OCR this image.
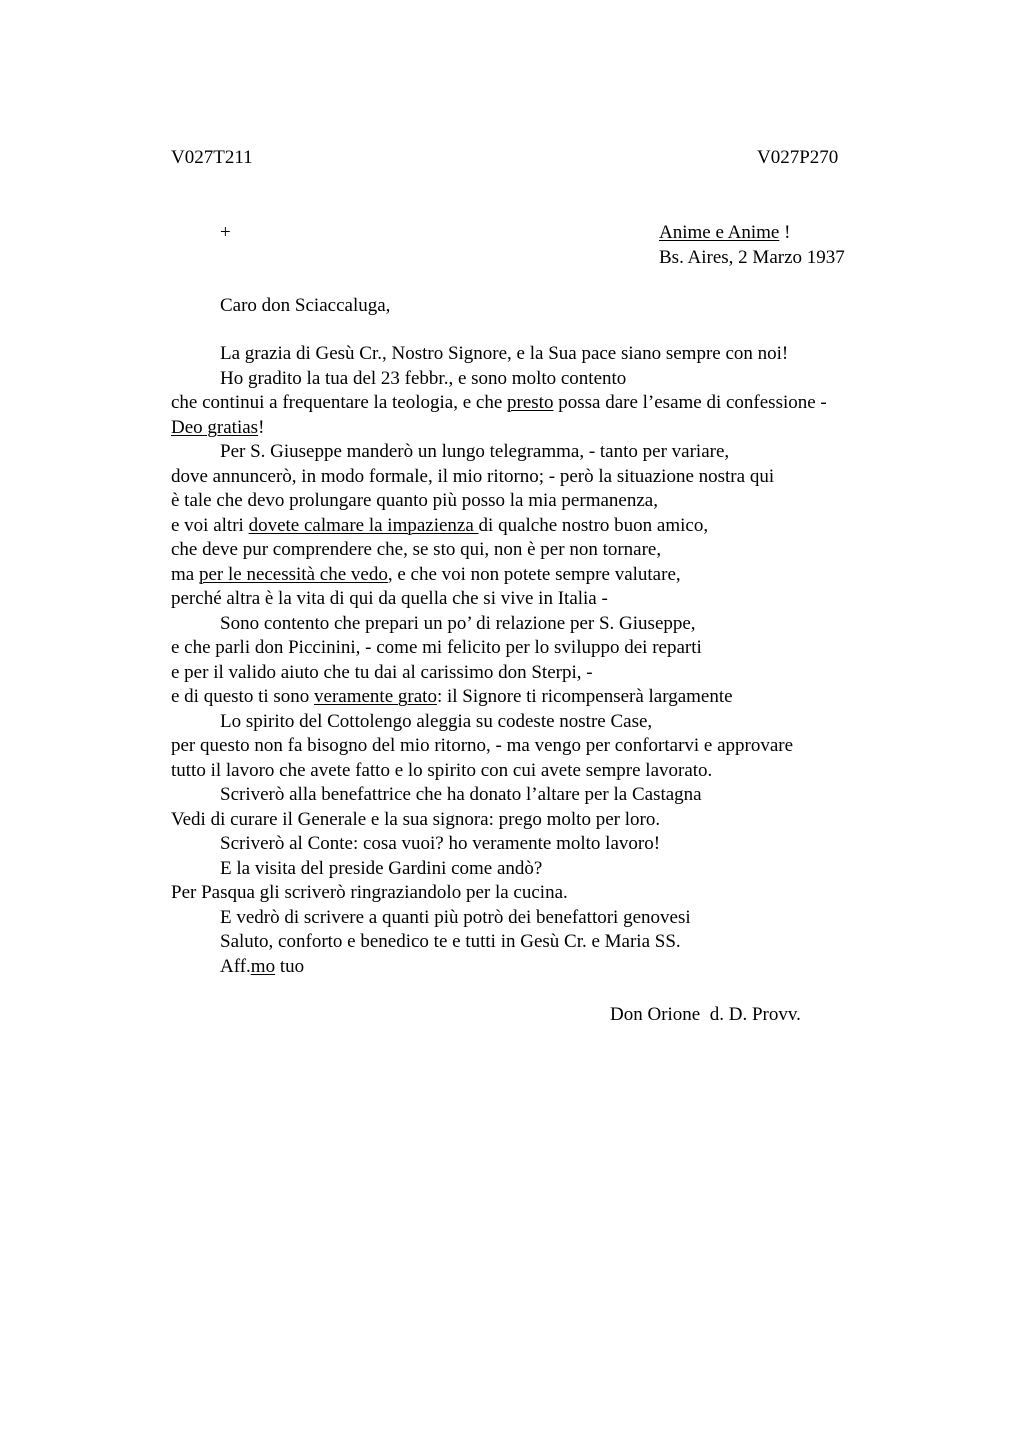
V027T211	V027P270
+	Anime e Anime !
Bs. Aires, 2 Marzo 1937
Caro don Sciaccaluga,
La grazia di Gesù Cr., Nostro Signore, e la Sua pace siano sempre con noi!
Ho gradito la tua del 23 febbr., e sono molto contento
che continui a frequentare la teologia, e che presto possa dare l’esame di confessione -
Deo gratias!
Per S. Giuseppe manderò un lungo telegramma, - tanto per variare,
dove annuncerò, in modo formale, il mio ritorno; - però la situazione nostra qui
è tale che devo prolungare quanto più posso la mia permanenza,
e voi altri dovete calmare la impazienza di qualche nostro buon amico,
che deve pur comprendere che, se sto qui, non è per non tornare,
ma per le necessità che vedo, e che voi non potete sempre valutare,
perché altra è la vita di qui da quella che si vive in Italia -
Sono contento che prepari un po’ di relazione per S. Giuseppe,
e che parli don Piccinini, - come mi felicito per lo sviluppo dei reparti
e per il valido aiuto che tu dai al carissimo don Sterpi, -
e di questo ti sono veramente grato: il Signore ti ricompenserà largamente
Lo spirito del Cottolengo aleggia su codeste nostre Case,
per questo non fa bisogno del mio ritorno, - ma vengo per confortarvi e approvare
tutto il lavoro che avete fatto e lo spirito con cui avete sempre lavorato.
Scriverò alla benefattrice che ha donato l’altare per la Castagna
Vedi di curare il Generale e la sua signora: prego molto per loro.
Scriverò al Conte: cosa vuoi? ho veramente molto lavoro!
E la visita del preside Gardini come andò?
Per Pasqua gli scriverò ringraziandolo per la cucina.
E vedrò di scrivere a quanti più potrò dei benefattori genovesi
Saluto, conforto e benedico te e tutti in Gesù Cr. e Maria SS.
Aff.mo tuo
Don Orione  d. D. Provv.
